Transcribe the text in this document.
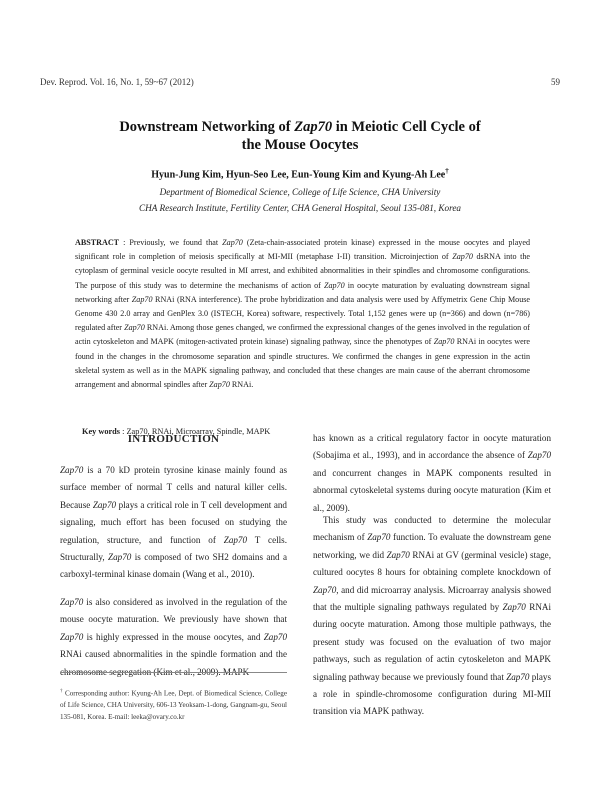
Dev. Reprod. Vol. 16, No. 1, 59~67 (2012)	59
Downstream Networking of Zap70 in Meiotic Cell Cycle of
the Mouse Oocytes
Hyun-Jung Kim, Hyun-Seo Lee, Eun-Young Kim and Kyung-Ah Lee†
Department of Biomedical Science, College of Life Science, CHA University
CHA Research Institute, Fertility Center, CHA General Hospital, Seoul 135-081, Korea
ABSTRACT : Previously, we found that Zap70 (Zeta-chain-associated protein kinase) expressed in the mouse oocytes and played significant role in completion of meiosis specifically at MI-MII (metaphase I-II) transition. Microinjection of Zap70 dsRNA into the cytoplasm of germinal vesicle oocyte resulted in MI arrest, and exhibited abnormalities in their spindles and chromosome configurations. The purpose of this study was to determine the mechanisms of action of Zap70 in oocyte maturation by evaluating downstream signal networking after Zap70 RNAi (RNA interference). The probe hybridization and data analysis were used by Affymetrix Gene Chip Mouse Genome 430 2.0 array and GenPlex 3.0 (ISTECH, Korea) software, respectively. Total 1,152 genes were up (n=366) and down (n=786) regulated after Zap70 RNAi. Among those genes changed, we confirmed the expressional changes of the genes involved in the regulation of actin cytoskeleton and MAPK (mitogen-activated protein kinase) signaling pathway, since the phenotypes of Zap70 RNAi in oocytes were found in the changes in the chromosome separation and spindle structures. We confirmed the changes in gene expression in the actin skeletal system as well as in the MAPK signaling pathway, and concluded that these changes are main cause of the aberrant chromosome arrangement and abnormal spindles after Zap70 RNAi.
Key words : Zap70, RNAi, Microarray, Spindle, MAPK
INTRODUCTION
Zap70 is a 70 kD protein tyrosine kinase mainly found as surface member of normal T cells and natural killer cells. Because Zap70 plays a critical role in T cell development and signaling, much effort has been focused on studying the regulation, structure, and function of Zap70 T cells. Structurally, Zap70 is composed of two SH2 domains and a carboxyl-terminal kinase domain (Wang et al., 2010).
Zap70 is also considered as involved in the regulation of the mouse oocyte maturation. We previously have shown that Zap70 is highly expressed in the mouse oocytes, and Zap70 RNAi caused abnormalities in the spindle formation and the chromosome segregation (Kim et al., 2009). MAPK
has known as a critical regulatory factor in oocyte maturation (Sobajima et al., 1993), and in accordance the absence of Zap70 and concurrent changes in MAPK components resulted in abnormal cytoskeletal systems during oocyte maturation (Kim et al., 2009).
This study was conducted to determine the molecular mechanism of Zap70 function. To evaluate the downstream gene networking, we did Zap70 RNAi at GV (germinal vesicle) stage, cultured oocytes 8 hours for obtaining complete knockdown of Zap70, and did microarray analysis. Microarray analysis showed that the multiple signaling pathways regulated by Zap70 RNAi during oocyte maturation. Among those multiple pathways, the present study was focused on the evaluation of two major pathways, such as regulation of actin cytoskeleton and MAPK signaling pathway because we previously found that Zap70 plays a role in spindle-chromosome configuration during MI-MII transition via MAPK pathway.
† Corresponding author: Kyung-Ah Lee, Dept. of Biomedical Science, College of Life Science, CHA University, 606-13 Yeoksam-1-dong, Gangnam-gu, Seoul 135-081, Korea. E-mail: leeka@ovary.co.kr
